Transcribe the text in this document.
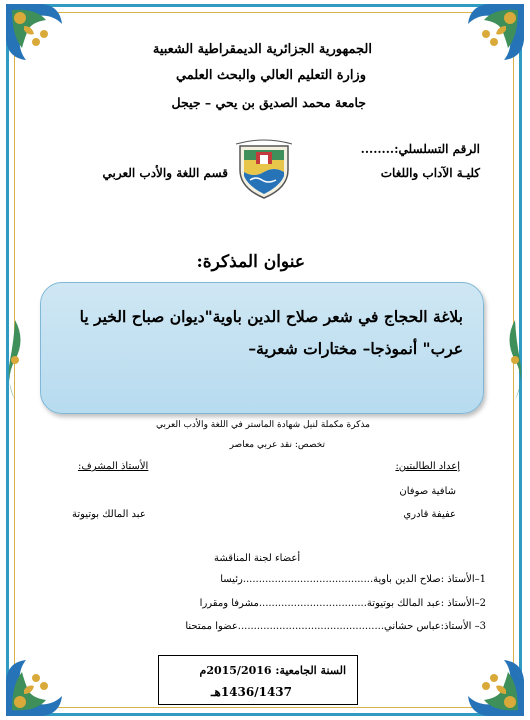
الجمهورية الجزائرية الديمقراطية الشعبية
وزارة التعليم العالي والبحث العلمي
جامعة محمد الصديق بن يحي – جيجل
الرقم التسلسلي:........
كليـة الآداب واللغات
قسم اللغة والأدب العربي
عنوان المذكرة:
بلاغة الحجاج في شعر صلاح الدين باوية"ديوان صباح الخير يا عرب" أنموذجا– مختارات شعرية–
مذكرة مكملة لنيل شهادة الماستر في اللغة والأدب العربي
تخصص: نقد عربي معاصر
إعداد الطالبتين:
الأستاذ المشرف:
شافية صوفان
عفيفة قادري
عبد المالك بوتيوتة
أعضاء لجنة المناقشة
1–الأستاذ :صلاح الدين باوية.........................................رئيسا
2–الأستاذ :عبد المالك بوتيوتة..................................مشرفا ومقررا
3– الأستاذ:عباس حشاني..............................................عضوا ممتحنا
السنة الجامعية: 2015/2016م
1436/1437هـ
